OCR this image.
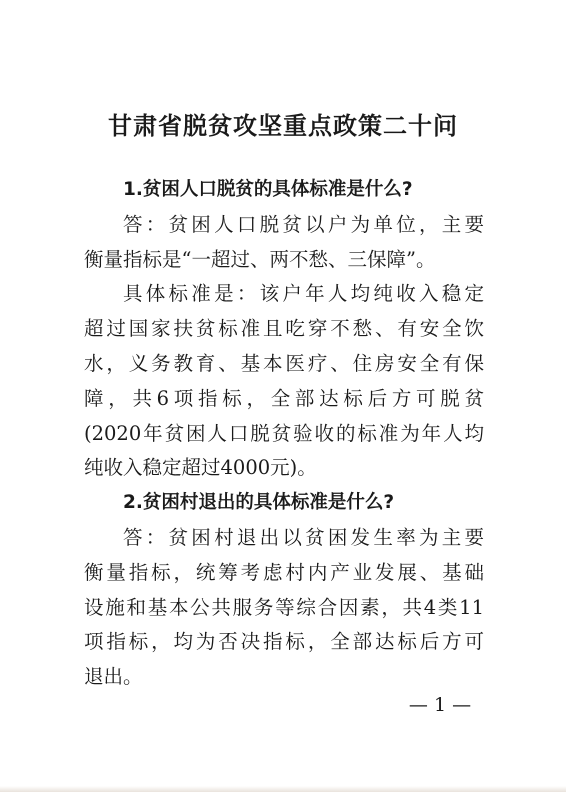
甘肃省脱贫攻坚重点政策二十问
1.贫困人口脱贫的具体标准是什么?
答：贫困人口脱贫以户为单位，主要
衡量指标是“一超过、两不愁、三保障”。
具体标准是：该户年人均纯收入稳定
超过国家扶贫标准且吃穿不愁、有安全饮
水，义务教育、基本医疗、住房安全有保
障，共6项指标，全部达标后方可脱贫
(2020年贫困人口脱贫验收的标准为年人均
纯收入稳定超过4000元)。
2.贫困村退出的具体标准是什么?
答：贫困村退出以贫困发生率为主要
衡量指标，统筹考虑村内产业发展、基础
设施和基本公共服务等综合因素，共4类11
项指标，均为否决指标，全部达标后方可
退出。
— 1 —
